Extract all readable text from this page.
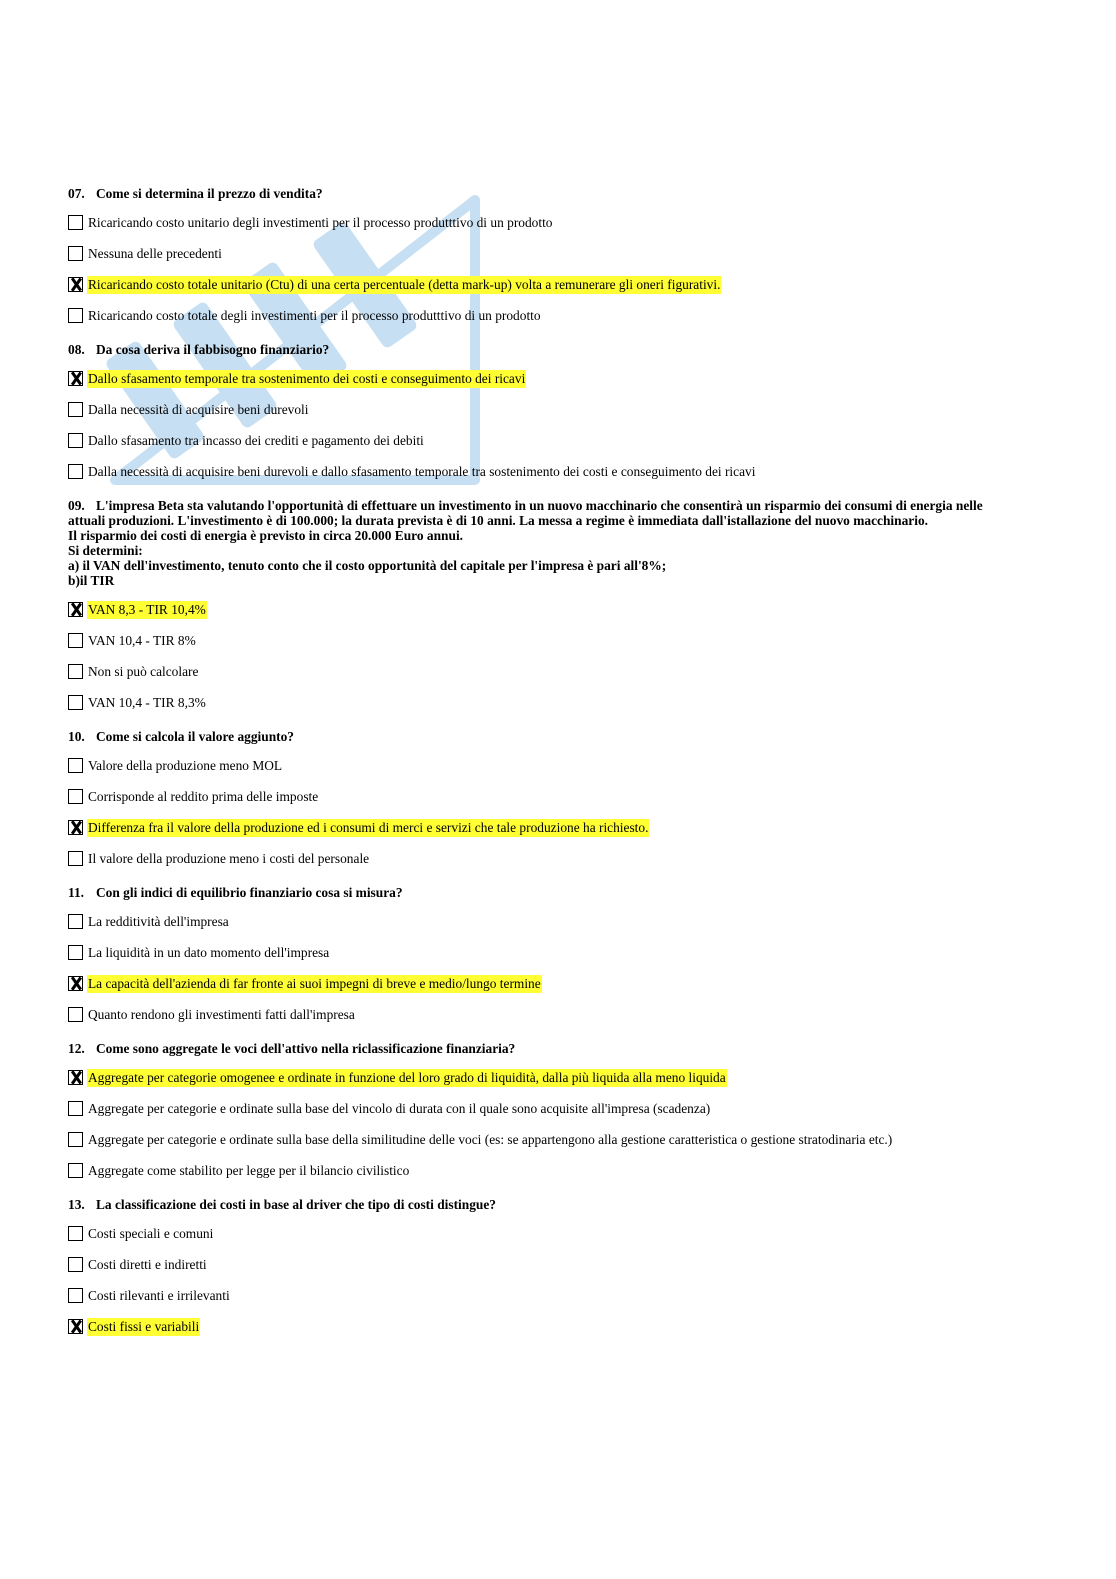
07. Come si determina il prezzo di vendita?
Ricaricando costo unitario degli investimenti per il processo produtttivo di un prodotto
Nessuna delle precedenti
Ricaricando costo totale unitario (Ctu) di una certa percentuale (detta mark-up) volta a remunerare gli oneri figurativi.
Ricaricando costo totale degli investimenti per il processo produtttivo di un prodotto
08. Da cosa deriva il fabbisogno finanziario?
Dallo sfasamento temporale tra sostenimento dei costi e conseguimento dei ricavi
Dalla necessità di acquisire beni durevoli
Dallo sfasamento tra incasso dei crediti e pagamento dei debiti
Dalla necessità di acquisire beni durevoli e dallo sfasamento temporale tra sostenimento dei costi e conseguimento dei ricavi
09. L'impresa Beta sta valutando l'opportunità di effettuare un investimento in un nuovo macchinario che consentirà un risparmio dei consumi di energia nelle
attuali produzioni. L'investimento è di 100.000; la durata prevista è di 10 anni. La messa a regime è immediata dall'istallazione del nuovo macchinario.
Il risparmio dei costi di energia è previsto in circa 20.000 Euro annui.
Si determini:
a) il VAN dell'investimento, tenuto conto che il costo opportunità del capitale per l'impresa è pari all'8%;
b)il TIR
VAN 8,3 - TIR 10,4%
VAN 10,4 - TIR 8%
Non si può calcolare
VAN 10,4 - TIR 8,3%
10. Come si calcola il valore aggiunto?
Valore della produzione meno MOL
Corrisponde al reddito prima delle imposte
Differenza fra il valore della produzione ed i consumi di merci e servizi che tale produzione ha richiesto.
Il valore della produzione meno i costi del personale
11. Con gli indici di equilibrio finanziario cosa si misura?
La redditività dell'impresa
La liquidità in un dato momento dell'impresa
La capacità dell'azienda di far fronte ai suoi impegni di breve e medio/lungo termine
Quanto rendono gli investimenti fatti dall'impresa
12. Come sono aggregate le voci dell'attivo nella riclassificazione finanziaria?
Aggregate per categorie omogenee e ordinate in funzione del loro grado di liquidità, dalla più liquida alla meno liquida
Aggregate per categorie e ordinate sulla base del vincolo di durata con il quale sono acquisite all'impresa (scadenza)
Aggregate per categorie e ordinate sulla base della similitudine delle voci (es: se appartengono alla gestione caratteristica o gestione stratodinaria etc.)
Aggregate come stabilito per legge per il bilancio civilistico
13. La classificazione dei costi in base al driver che tipo di costi distingue?
Costi speciali e comuni
Costi diretti e indiretti
Costi rilevanti e irrilevanti
Costi fissi e variabili
